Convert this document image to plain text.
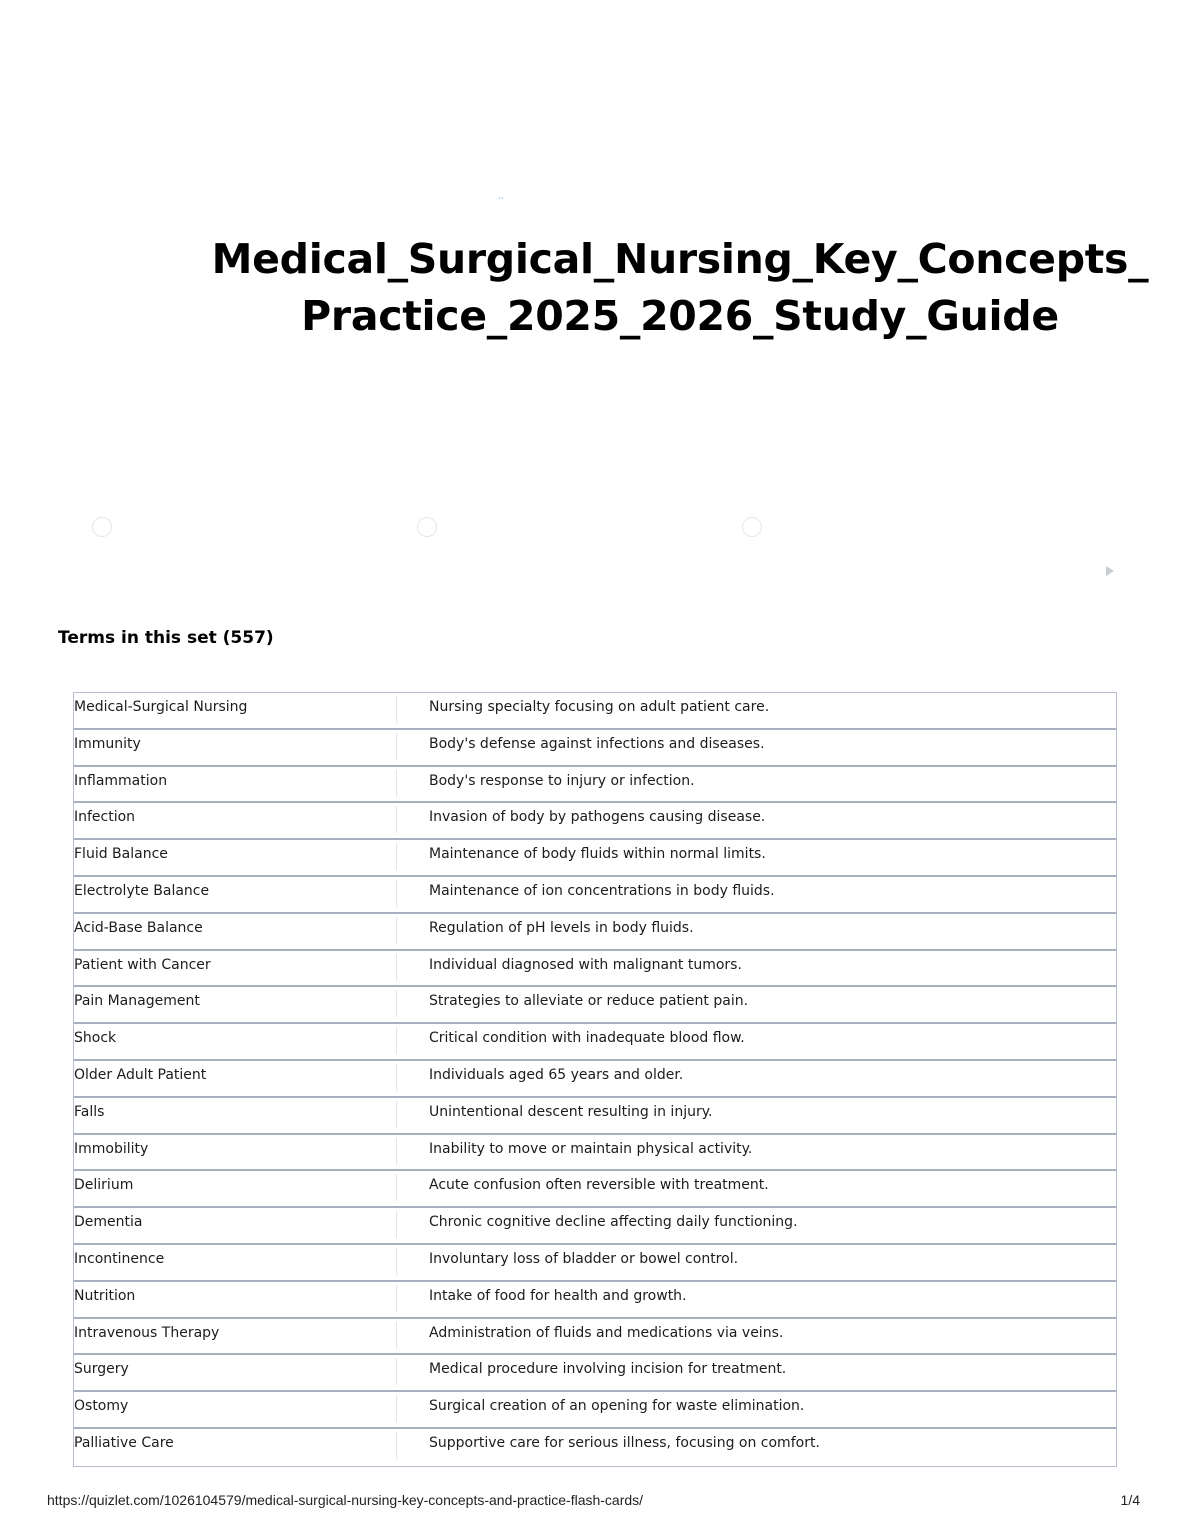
··
Medical_Surgical_Nursing_Key_Concepts_
Practice_2025_2026_Study_Guide
Terms in this set (557)
Medical-Surgical Nursing	Nursing specialty focusing on adult patient care.
Immunity	Body's defense against infections and diseases.
Inflammation	Body's response to injury or infection.
Infection	Invasion of body by pathogens causing disease.
Fluid Balance	Maintenance of body fluids within normal limits.
Electrolyte Balance	Maintenance of ion concentrations in body fluids.
Acid-Base Balance	Regulation of pH levels in body fluids.
Patient with Cancer	Individual diagnosed with malignant tumors.
Pain Management	Strategies to alleviate or reduce patient pain.
Shock	Critical condition with inadequate blood flow.
Older Adult Patient	Individuals aged 65 years and older.
Falls	Unintentional descent resulting in injury.
Immobility	Inability to move or maintain physical activity.
Delirium	Acute confusion often reversible with treatment.
Dementia	Chronic cognitive decline affecting daily functioning.
Incontinence	Involuntary loss of bladder or bowel control.
Nutrition	Intake of food for health and growth.
Intravenous Therapy	Administration of fluids and medications via veins.
Surgery	Medical procedure involving incision for treatment.
Ostomy	Surgical creation of an opening for waste elimination.
Palliative Care	Supportive care for serious illness, focusing on comfort.
https://quizlet.com/1026104579/medical-surgical-nursing-key-concepts-and-practice-flash-cards/	1/4
